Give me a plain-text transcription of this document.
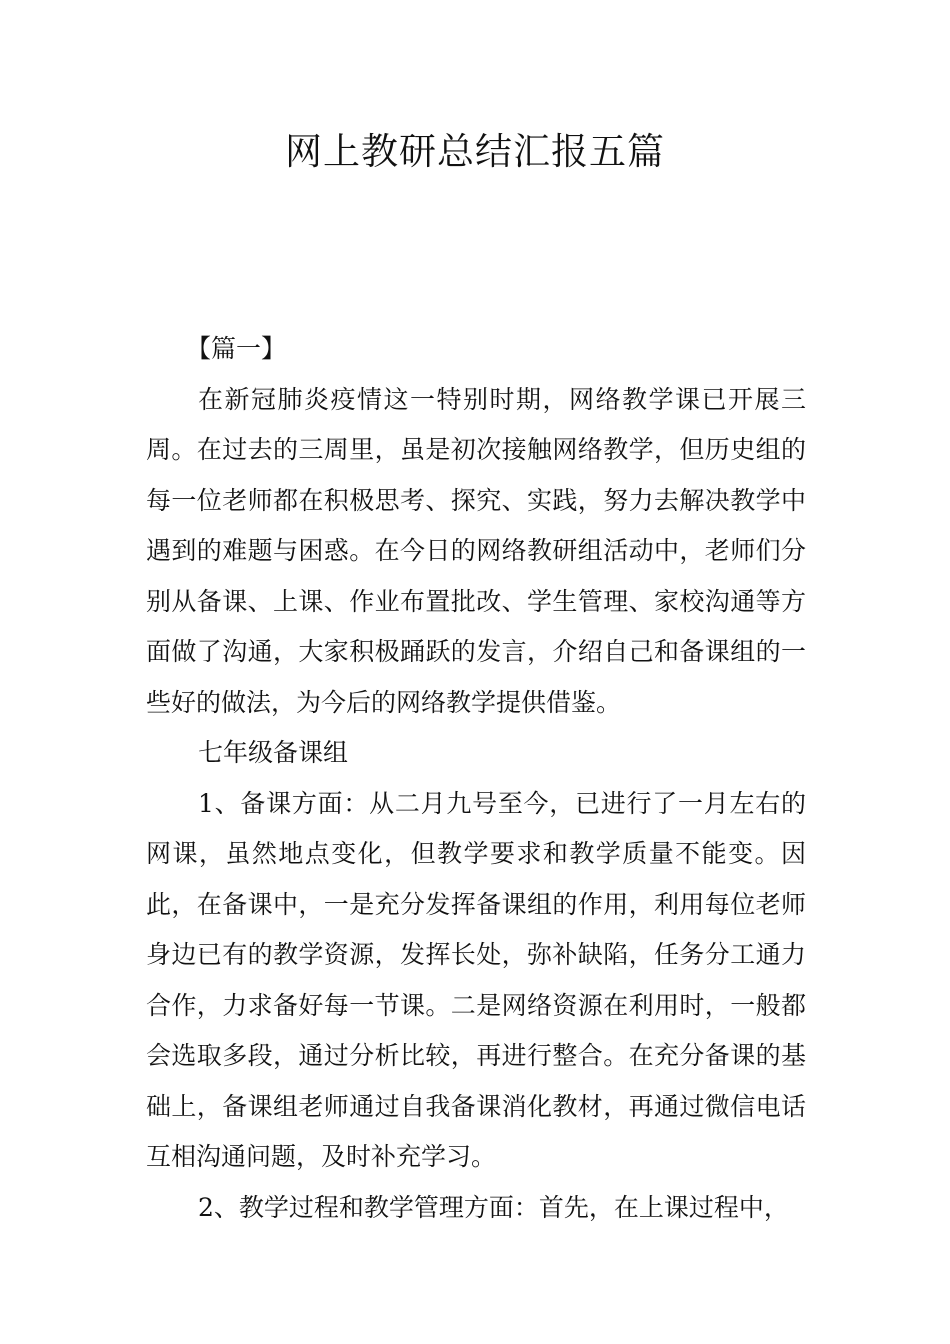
网上教研总结汇报五篇

【篇一】

在新冠肺炎疫情这一特别时期，网络教学课已开展三周。在过去的三周里，虽是初次接触网络教学，但历史组的每一位老师都在积极思考、探究、实践，努力去解决教学中遇到的难题与困惑。在今日的网络教研组活动中，老师们分别从备课、上课、作业布置批改、学生管理、家校沟通等方面做了沟通，大家积极踊跃的发言，介绍自己和备课组的一些好的做法，为今后的网络教学提供借鉴。

七年级备课组

1、备课方面：从二月九号至今，已进行了一月左右的网课，虽然地点变化，但教学要求和教学质量不能变。因此，在备课中，一是充分发挥备课组的作用，利用每位老师身边已有的教学资源，发挥长处，弥补缺陷，任务分工通力合作，力求备好每一节课。二是网络资源在利用时，一般都会选取多段，通过分析比较，再进行整合。在充分备课的基础上，备课组老师通过自我备课消化教材，再通过微信电话互相沟通问题，及时补充学习。

2、教学过程和教学管理方面：首先，在上课过程中，
